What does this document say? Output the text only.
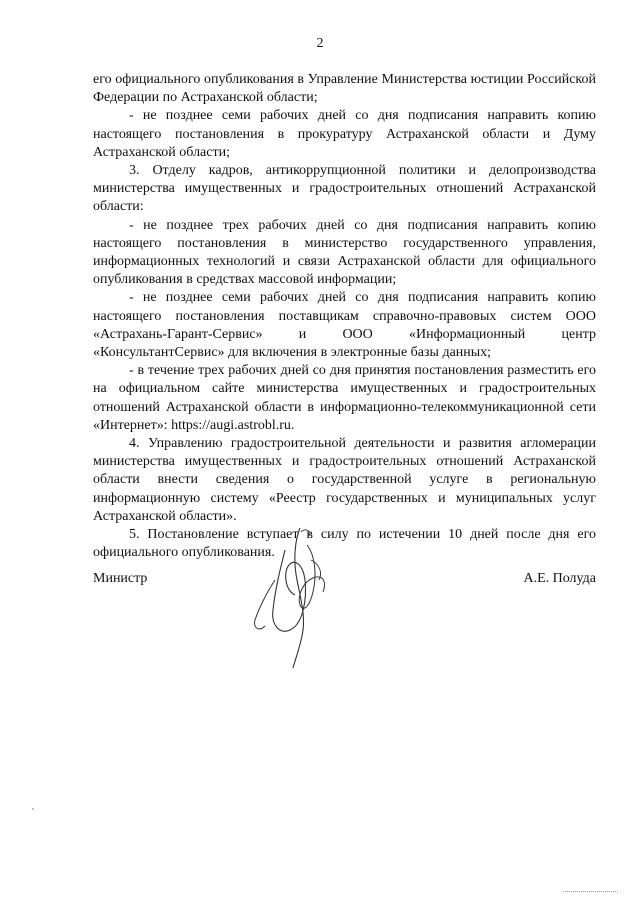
2

его официального опубликования в Управление Министерства юстиции Российской Федерации по Астраханской области;

- не позднее семи рабочих дней со дня подписания направить копию настоящего постановления в прокуратуру Астраханской области и Думу Астраханской области;

3. Отделу кадров, антикоррупционной политики и делопроизводства министерства имущественных и градостроительных отношений Астраханской области:

- не позднее трех рабочих дней со дня подписания направить копию настоящего постановления в министерство государственного управления, информационных технологий и связи Астраханской области для официального опубликования в средствах массовой информации;

- не позднее семи рабочих дней со дня подписания направить копию настоящего постановления поставщикам справочно-правовых систем ООО «Астрахань-Гарант-Сервис» и ООО «Информационный центр «КонсультантСервис» для включения в электронные базы данных;

- в течение трех рабочих дней со дня принятия постановления разместить его на официальном сайте министерства имущественных и градостроительных отношений Астраханской области в информационно-телекоммуникационной сети «Интернет»: https://augi.astrobl.ru.

4. Управлению градостроительной деятельности и развития агломерации министерства имущественных и градостроительных отношений Астраханской области внести сведения о государственной услуге в региональную информационную систему «Реестр государственных и муниципальных услуг Астраханской области».

5. Постановление вступает в силу по истечении 10 дней после дня его официального опубликования.

Министр	А.Е. Полуда
